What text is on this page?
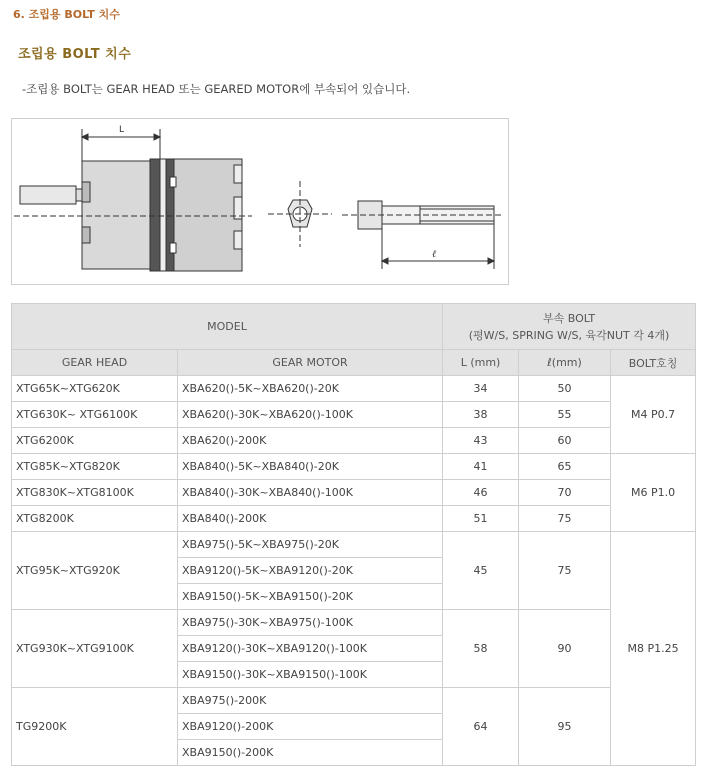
6. 조립용 BOLT 치수
조립용 BOLT 치수
-조립용 BOLT는 GEAR HEAD 또는 GEARED MOTOR에 부속되어 있습니다.
L
ℓ
MODEL		부속 BOLT
(평W/S, SPRING W/S, 육각NUT 각 4개)		

GEAR HEAD	GEAR MOTOR	L (mm)	ℓ(mm)	BOLT호칭
XTG65K~XTG620K	XBA620()-5K~XBA620()-20K	34	50	M4 P0.7
XTG630K~ XTG6100K	XBA620()-30K~XBA620()-100K	38	55	
XTG6200K	XBA620()-200K	43	60	
XTG85K~XTG820K	XBA840()-5K~XBA840()-20K	41	65	M6 P1.0
XTG830K~XTG8100K	XBA840()-30K~XBA840()-100K	46	70	
XTG8200K	XBA840()-200K	51	75	
XTG95K~XTG920K	XBA975()-5K~XBA975()-20K	45	75	M8 P1.25
	XBA9120()-5K~XBA9120()-20K			
	XBA9150()-5K~XBA9150()-20K			
XTG930K~XTG9100K	XBA975()-30K~XBA975()-100K	58	90	
	XBA9120()-30K~XBA9120()-100K			
	XBA9150()-30K~XBA9150()-100K			
TG9200K	XBA975()-200K	64	95	
	XBA9120()-200K			
	XBA9150()-200K			
